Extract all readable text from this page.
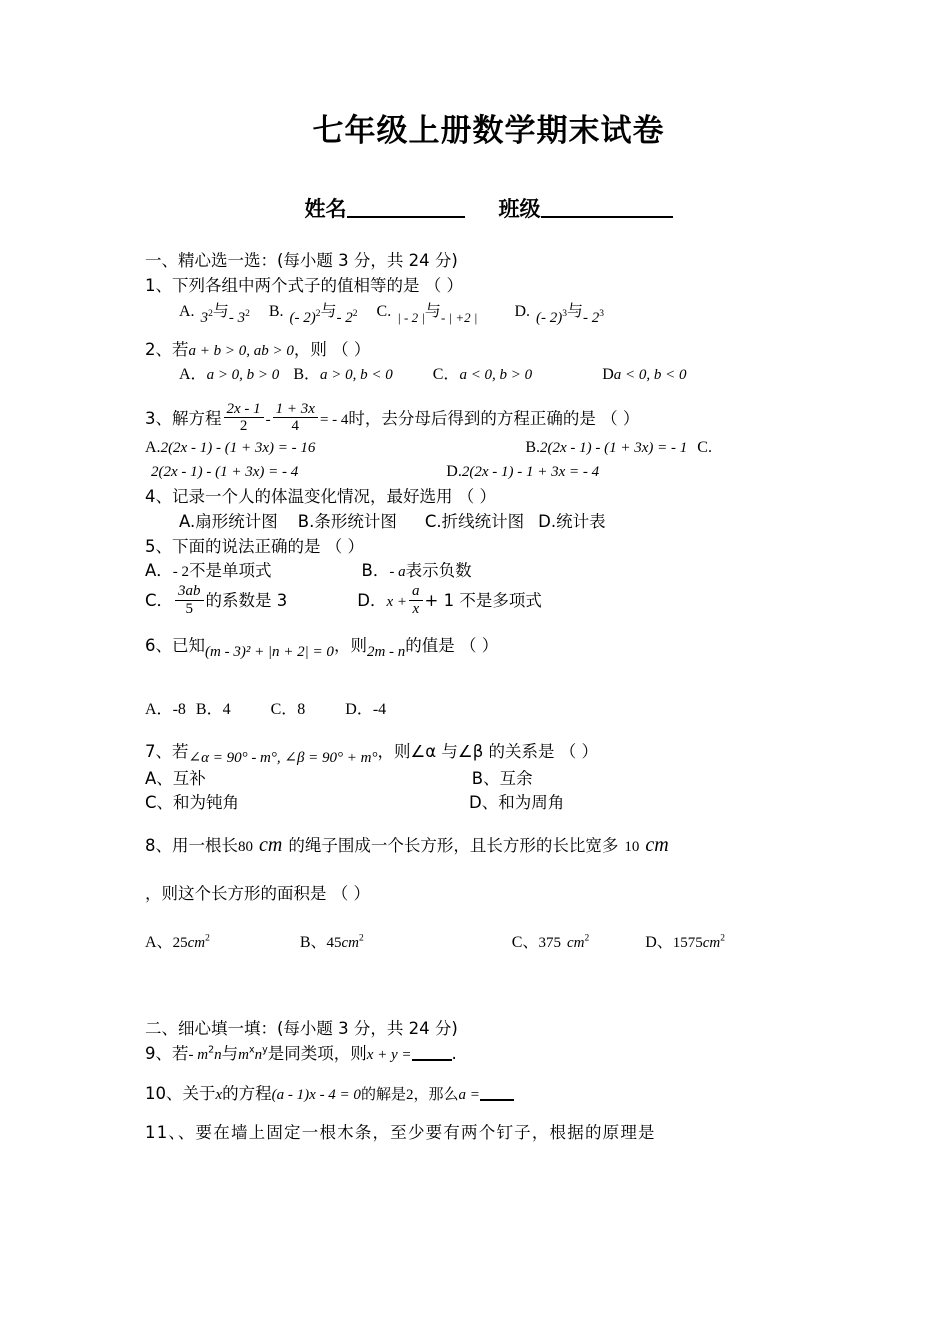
七年级上册数学期末试卷
姓名	班级
一、精心选一选：(每小题 3 分，共 24 分)
1、下列各组中两个式子的值相等的是 （ ）
A. $3^2$与- $3^2$ B. (- 2)$^2$与- $2^2$ C. | - 2 |与- | +2 | D. (- 2)$^3$与- $2^3$
2、若a + b > 0, ab > 0，则 （ ）
A．a > 0, b > 0 B．a > 0, b < 0	C．a < 0, b > 0	Da < 0, b < 0
3、解方程 $\frac{2x - 1}{2} - \frac{1 + 3x}{4}$ = - 4时，去分母后得到的方程正确的是 （ ）
A.2(2x - 1) - (1 + 3x) = - 16	B.2(2x - 1) - (1 + 3x) = - 1 C.
2(2x - 1) - (1 + 3x) = - 4	D.2(2x - 1) - 1 + 3x = - 4
4、记录一个人的体温变化情况，最好选用 （ ）
A.扇形统计图 B.条形统计图 C.折线统计图 D.统计表
5、下面的说法正确的是 （ ）
A．- 2不是单项式	B．- a表示负数
C． $\frac{3ab}{5}$ 的系数是 3	D．$x + \frac{a}{x} + 1$ 不是多项式
6、已知(m - 3)² + |n + 2| = 0，则2m - n的值是 （ ）
A．-8 B．4	C．8	D．-4
7、若∠α = 90° - m°, ∠β = 90° + m°，则∠α 与∠β 的关系是 （ ）
A、互补	B、互余
C、和为钝角	D、和为周角
8、用一根长80 cm 的绳子围成一个长方形，且长方形的长比宽多 10 cm
，则这个长方形的面积是 （ ）
A、$25cm^2$	B、$45cm^2$	C、375 $cm^2$	D、$1575cm^2$
二、细心填一填：(每小题 3 分，共 24 分)
9、若- $m^2n$与$m^xn^y$是同类项，则x + y = .
10、关于x的方程(a - 1)x - 4 = 0的解是2，那么a =
11、、要在墙上固定一根木条，至少要有两个钉子，根据的原理是
